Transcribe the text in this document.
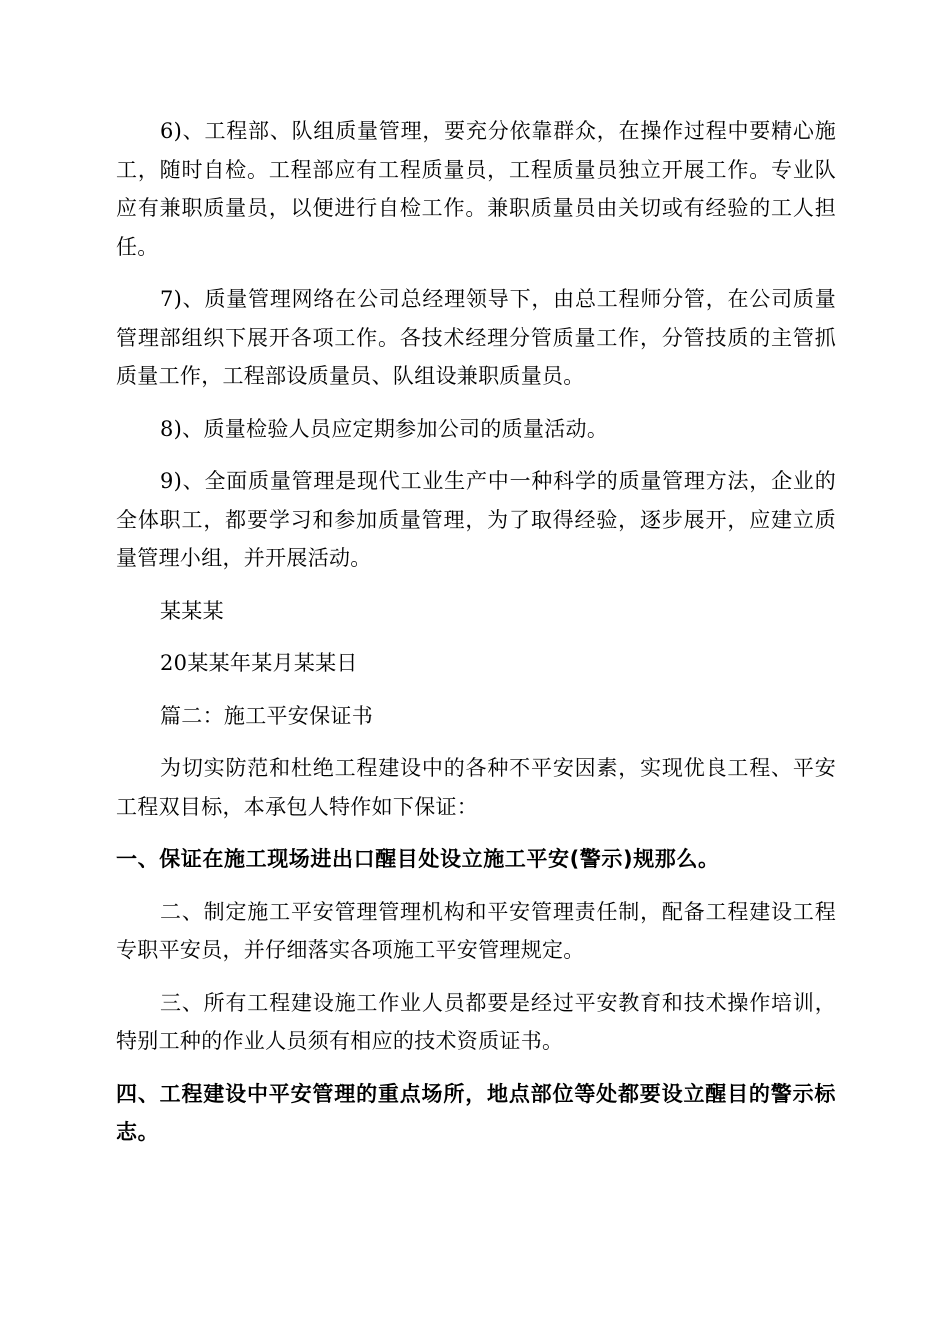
6)、工程部、队组质量管理，要充分依靠群众，在操作过程中要精心施工，随时自检。工程部应有工程质量员，工程质量员独立开展工作。专业队应有兼职质量员，以便进行自检工作。兼职质量员由关切或有经验的工人担任。

7)、质量管理网络在公司总经理领导下，由总工程师分管，在公司质量管理部组织下展开各项工作。各技术经理分管质量工作，分管技质的主管抓质量工作，工程部设质量员、队组设兼职质量员。

8)、质量检验人员应定期参加公司的质量活动。

9)、全面质量管理是现代工业生产中一种科学的质量管理方法，企业的全体职工，都要学习和参加质量管理，为了取得经验，逐步展开，应建立质量管理小组，并开展活动。

某某某

20某某年某月某某日

篇二：施工平安保证书

为切实防范和杜绝工程建设中的各种不平安因素，实现优良工程、平安工程双目标，本承包人特作如下保证：

一、保证在施工现场进出口醒目处设立施工平安(警示)规那么。

二、制定施工平安管理管理机构和平安管理责任制，配备工程建设工程专职平安员，并仔细落实各项施工平安管理规定。

三、所有工程建设施工作业人员都要是经过平安教育和技术操作培训，特别工种的作业人员须有相应的技术资质证书。

四、工程建设中平安管理的重点场所，地点部位等处都要设立醒目的警示标志。
